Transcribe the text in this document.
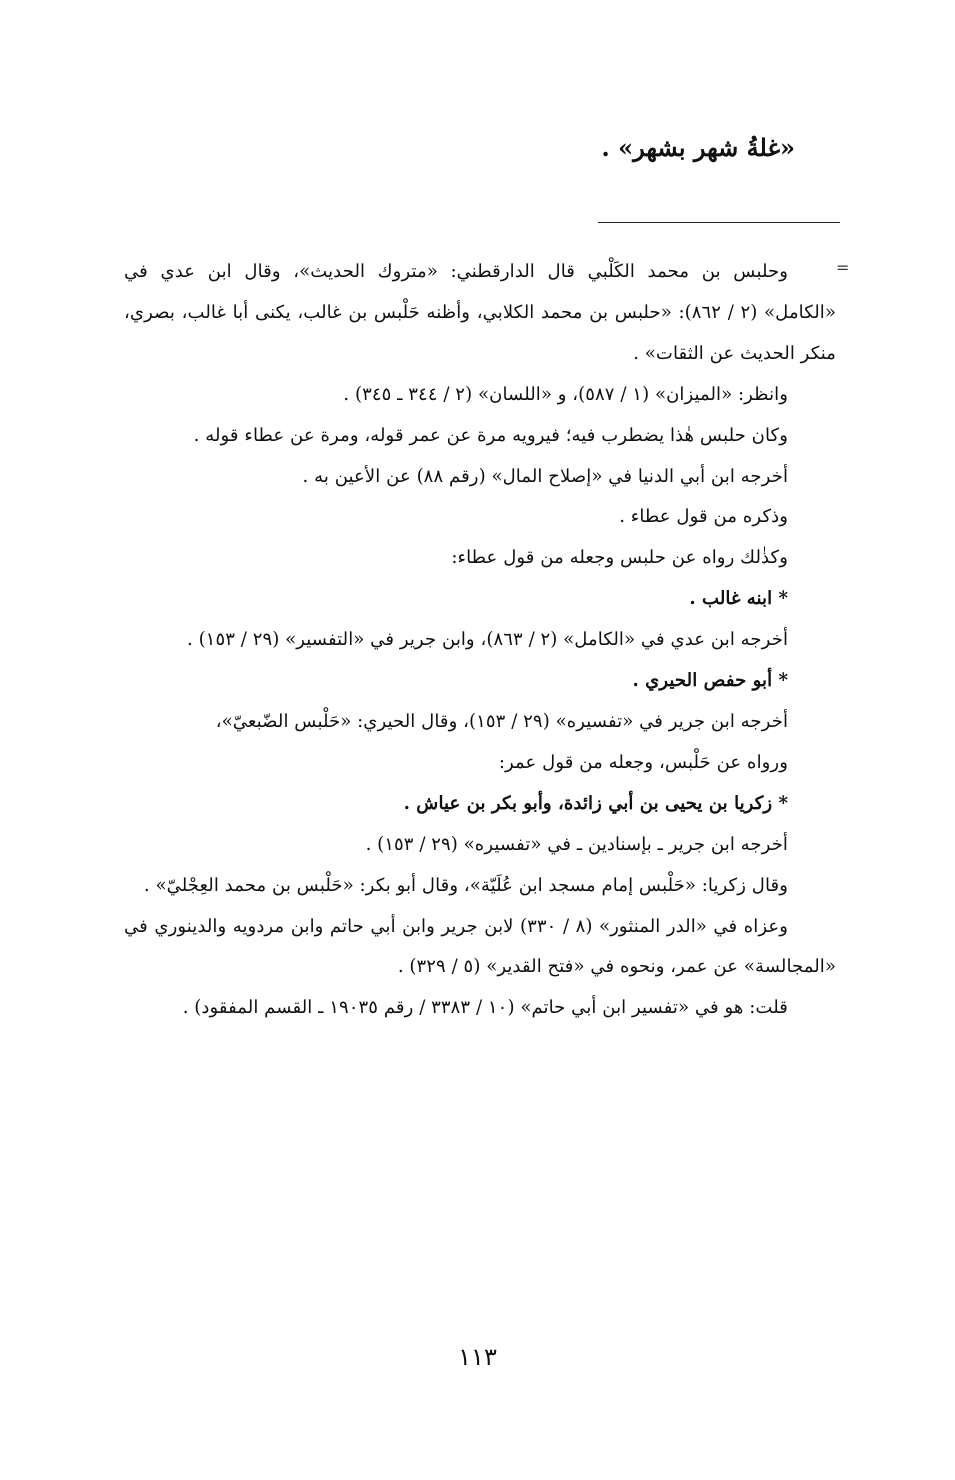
«غلةُ شهر بشهر» .
=

وحلبس بن محمد الكَلْبي قال الدارقطني: «متروك الحديث»، وقال ابن عدي في «الكامل» (٢ / ٨٦٢): «حلبس بن محمد الكلابي، وأظنه حَلْبس بن غالب، يكنى أبا غالب، بصري، منكر الحديث عن الثقات» .

وانظر: «الميزان» (١ / ٥٨٧)، و «اللسان» (٢ / ٣٤٤ ـ ٣٤٥) .

وكان حلبس هٰذا يضطرب فيه؛ فيرويه مرة عن عمر قوله، ومرة عن عطاء قوله .

أخرجه ابن أبي الدنيا في «إصلاح المال» (رقم ٨٨) عن الأعين به .

وذكره من قول عطاء .

وكذٰلك رواه عن حلبس وجعله من قول عطاء:

* ابنه غالب .

أخرجه ابن عدي في «الكامل» (٢ / ٨٦٣)، وابن جرير في «التفسير» (٢٩ / ١٥٣) .

* أبو حفص الحيري .

أخرجه ابن جرير في «تفسيره» (٢٩ / ١٥٣)، وقال الحيري: «حَلْبس الضّبعيّ»،

ورواه عن حَلْبس، وجعله من قول عمر:

* زكريا بن يحيى بن أبي زائدة، وأبو بكر بن عياش .

أخرجه ابن جرير ـ بإسنادين ـ في «تفسيره» (٢٩ / ١٥٣) .

وقال زكريا: «حَلْبس إمام مسجد ابن عُلَيّة»، وقال أبو بكر: «حَلْبس بن محمد العِجْليّ» .

وعزاه في «الدر المنثور» (٨ / ٣٣٠) لابن جرير وابن أبي حاتم وابن مردويه والدينوري في «المجالسة» عن عمر، ونحوه في «فتح القدير» (٥ / ٣٢٩) .

قلت: هو في «تفسير ابن أبي حاتم» (١٠ / ٣٣٨٣ / رقم ١٩٠٣٥ ـ القسم المفقود) .

١١٣
